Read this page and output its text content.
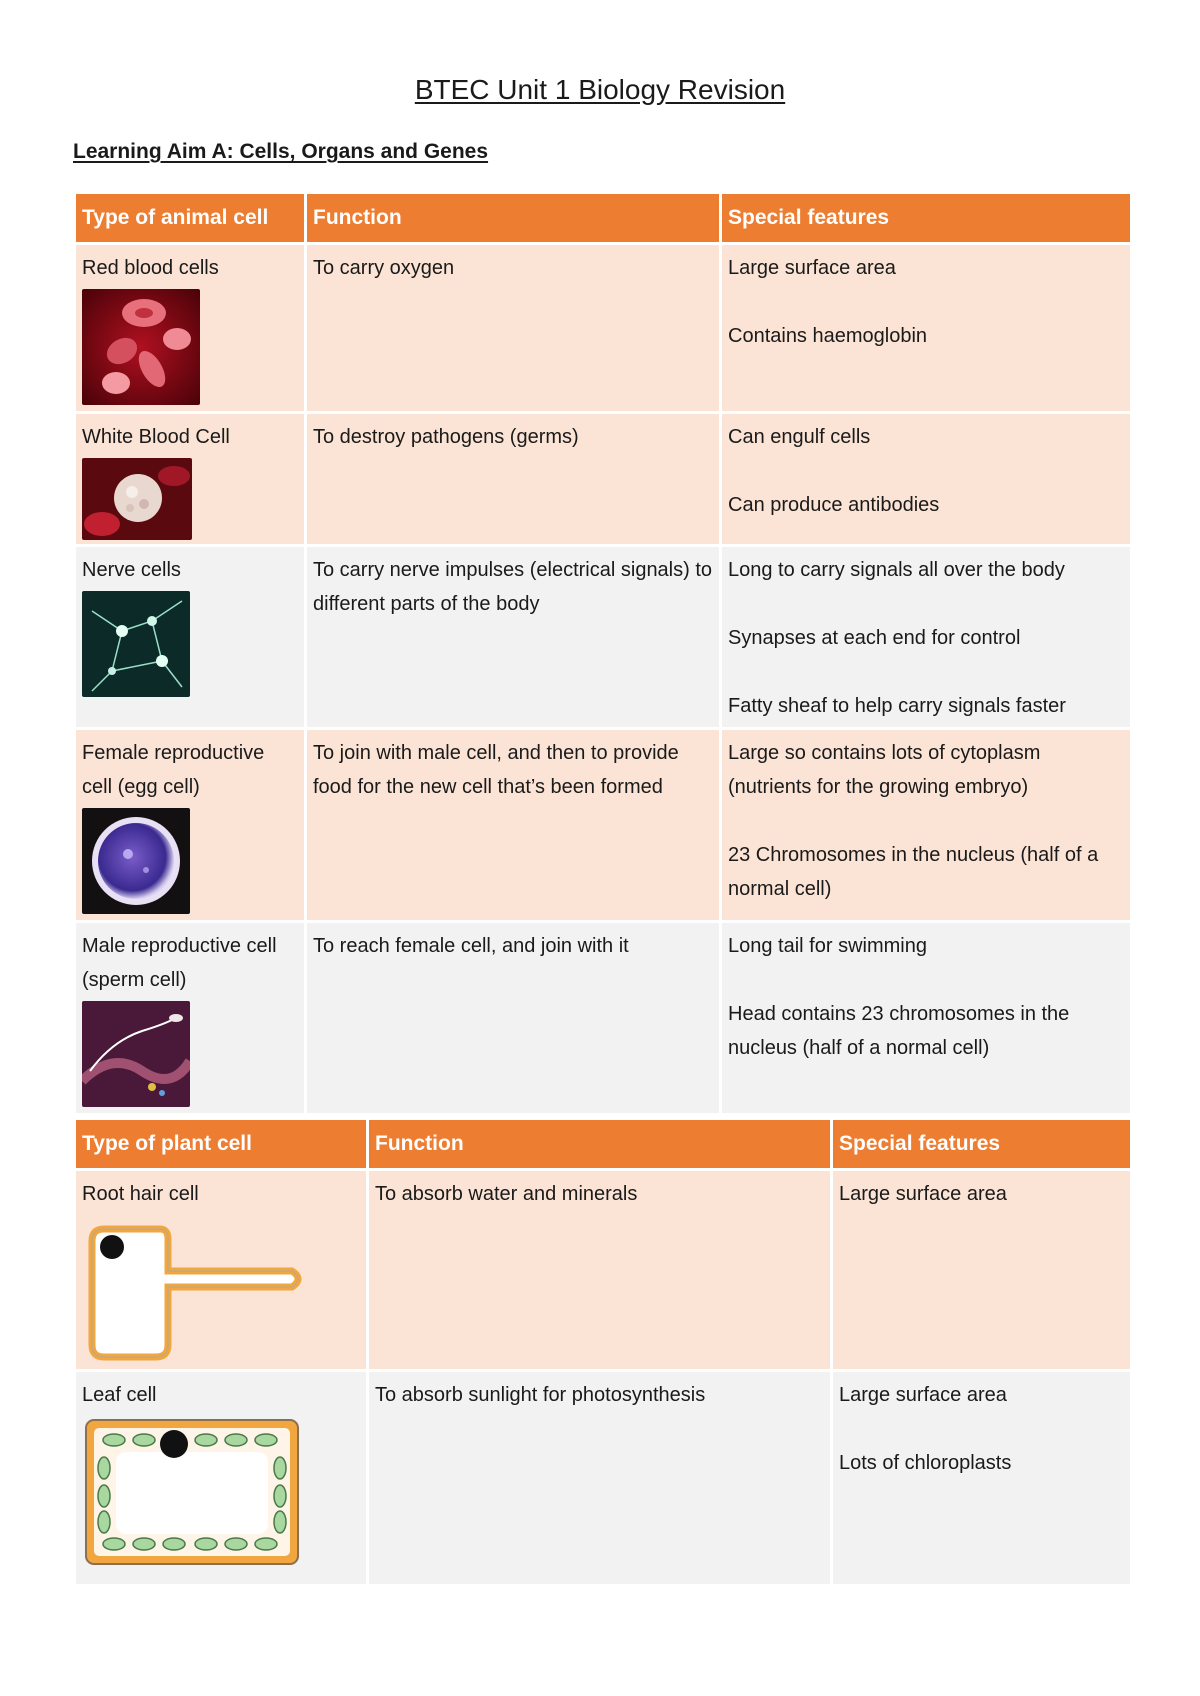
BTEC Unit 1 Biology Revision
Learning Aim A: Cells, Organs and Genes
Type of animal cell	Function	Special features
Red blood cells	To carry oxygen	Large surface area
Contains haemoglobin

White Blood Cell	To destroy pathogens (germs)	Can engulf cells
Can produce antibodies

Nerve cells	To carry nerve impulses (electrical signals) to different parts of the body	Long to carry signals all over the body
Synapses at each end for control
Fatty sheaf to help carry signals faster

Female reproductive cell (egg cell)	To join with male cell, and then to provide food for the new cell that’s been formed	Large so contains lots of cytoplasm (nutrients for the growing embryo)
23 Chromosomes in the nucleus (half of a normal cell)

Male reproductive cell (sperm cell)	To reach female cell, and join with it	Long tail for swimming
Head contains 23 chromosomes in the nucleus (half of a normal cell)
Type of plant cell	Function	Special features
Root hair cell	To absorb water and minerals	Large surface area

Leaf cell	To absorb sunlight for photosynthesis	Large surface area
Lots of chloroplasts
